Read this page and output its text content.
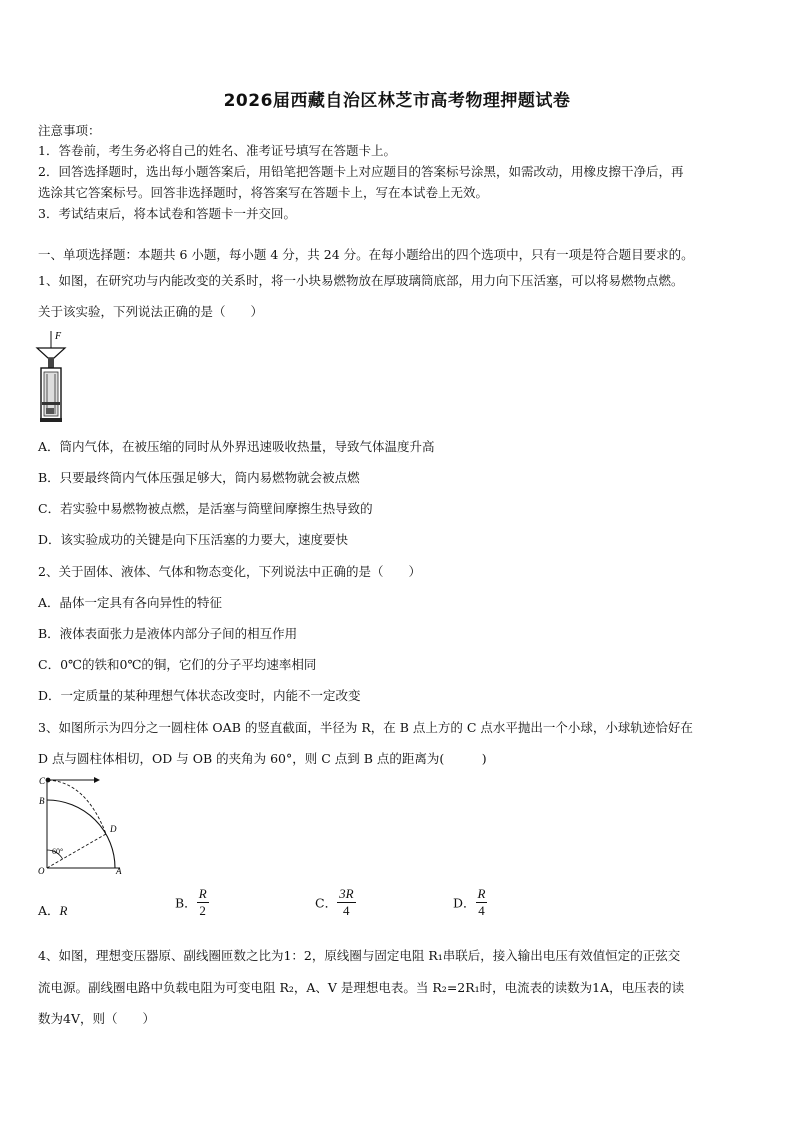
2026届西藏自治区林芝市高考物理押题试卷
注意事项：
1．答卷前，考生务必将自己的姓名、准考证号填写在答题卡上。
2．回答选择题时，选出每小题答案后，用铅笔把答题卡上对应题目的答案标号涂黑，如需改动，用橡皮擦干净后，再
选涂其它答案标号。回答非选择题时，将答案写在答题卡上，写在本试卷上无效。
3．考试结束后，将本试卷和答题卡一并交回。
一、单项选择题：本题共 6 小题，每小题 4 分，共 24 分。在每小题给出的四个选项中，只有一项是符合题目要求的。
1、如图，在研究功与内能改变的关系时，将一小块易燃物放在厚玻璃筒底部，用力向下压活塞，可以将易燃物点燃。
关于该实验，下列说法正确的是（　　）
F
A．筒内气体，在被压缩的同时从外界迅速吸收热量，导致气体温度升高
B．只要最终筒内气体压强足够大，筒内易燃物就会被点燃
C．若实验中易燃物被点燃，是活塞与筒壁间摩擦生热导致的
D．该实验成功的关键是向下压活塞的力要大，速度要快
2、关于固体、液体、气体和物态变化，下列说法中正确的是（　　）
A．晶体一定具有各向异性的特征
B．液体表面张力是液体内部分子间的相互作用
C．0℃的铁和0℃的铜，它们的分子平均速率相同
D．一定质量的某种理想气体状态改变时，内能不一定改变
3、如图所示为四分之一圆柱体 OAB 的竖直截面，半径为 R，在 B 点上方的 C 点水平抛出一个小球，小球轨迹恰好在
D 点与圆柱体相切，OD 与 OB 的夹角为 60°，则 C 点到 B 点的距离为(　　　)
C
B
D
O	A
60°
A．R	B． $\frac{R}{2}$	C． $\frac{3R}{4}$	D． $\frac{R}{4}$
4、如图，理想变压器原、副线圈匝数之比为1：2，原线圈与固定电阻 R₁串联后，接入输出电压有效值恒定的正弦交
流电源。副线圈电路中负载电阻为可变电阻 R₂，A、V 是理想电表。当 R₂=2R₁时，电流表的读数为1A，电压表的读
数为4V，则（　　）
